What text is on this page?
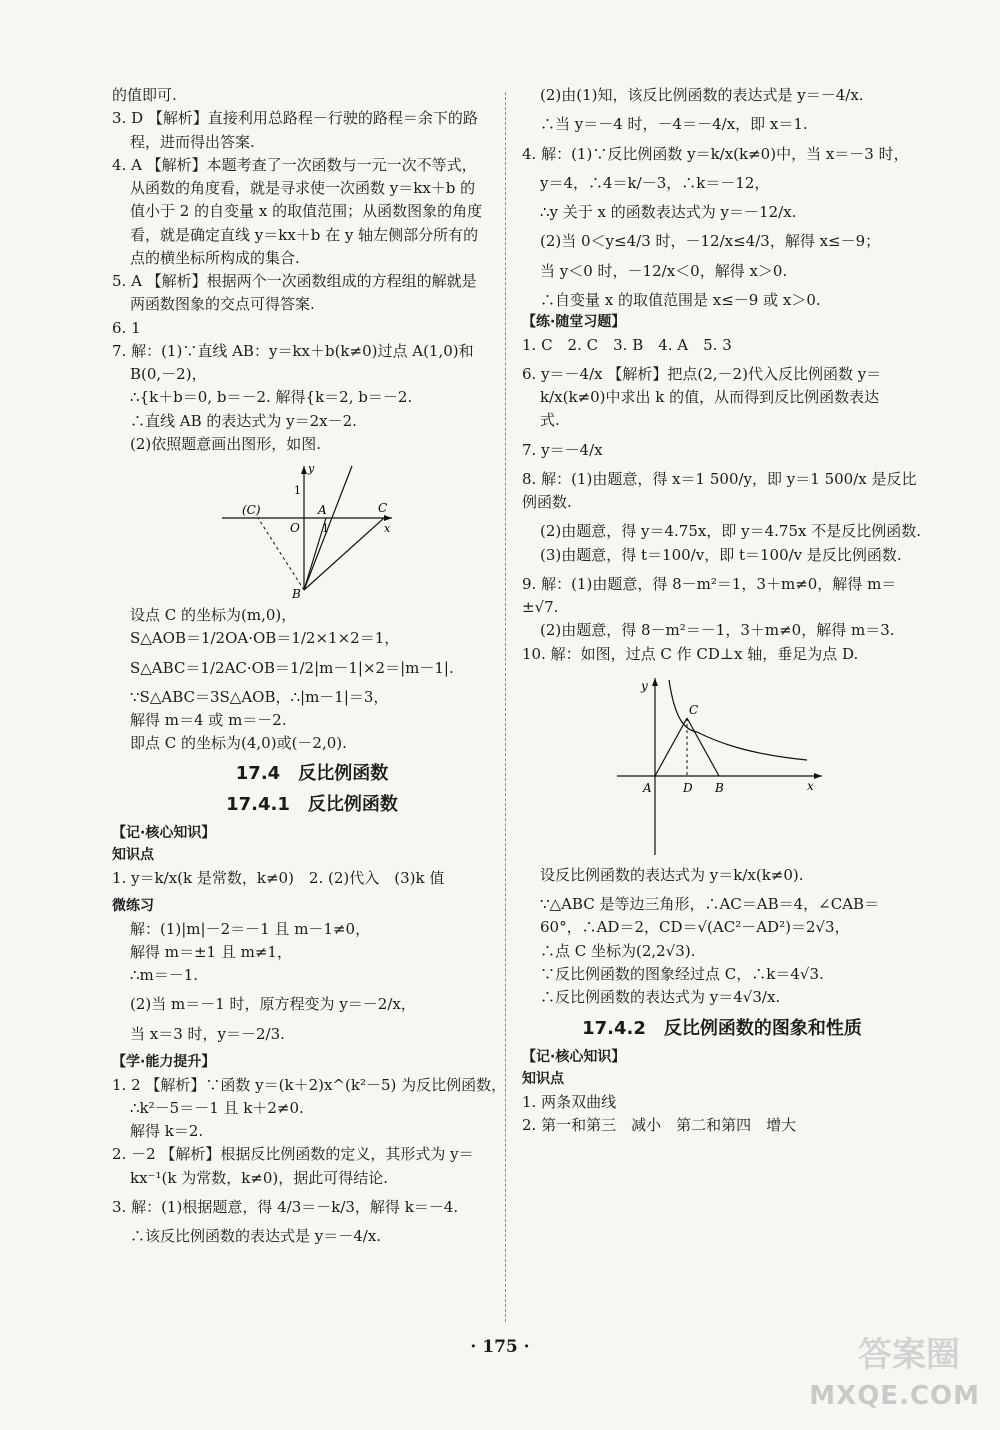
的值即可.

3. D 【解析】直接利用总路程－行驶的路程＝余下的路

程，进而得出答案.

4. A 【解析】本题考查了一次函数与一元一次不等式，

从函数的角度看，就是寻求使一次函数 y＝kx＋b 的

值小于 2 的自变量 x 的取值范围；从函数图象的角度

看，就是确定直线 y＝kx＋b 在 y 轴左侧部分所有的

点的横坐标所构成的集合.

5. A 【解析】根据两个一次函数组成的方程组的解就是

两函数图象的交点可得答案.

6. 1

7. 解：(1)∵直线 AB：y＝kx＋b(k≠0)过点 A(1,0)和

B(0,－2)，

∴{k＋b＝0, b＝－2. 解得{k＝2, b＝－2.

∴直线 AB 的表达式为 y＝2x－2.

(2)依照题意画出图形，如图.

y
1
(C)	A	C
O 1	x
B

设点 C 的坐标为(m,0)，

S△AOB＝1/2OA·OB＝1/2×1×2＝1，

S△ABC＝1/2AC·OB＝1/2|m－1|×2＝|m－1|.

∵S△ABC＝3S△AOB，∴|m－1|＝3，

解得 m＝4 或 m＝－2.

即点 C 的坐标为(4,0)或(－2,0).

17.4　反比例函数
17.4.1　反比例函数

【记·核心知识】

知识点

1. y＝k/x(k 是常数，k≠0)　2. (2)代入　(3)k 值

微练习

解：(1)|m|－2＝－1 且 m－1≠0，

解得 m＝±1 且 m≠1，

∴m＝－1.

(2)当 m＝－1 时，原方程变为 y＝－2/x，

当 x＝3 时，y＝－2/3.

【学·能力提升】

1. 2 【解析】∵函数 y＝(k＋2)x^(k²－5) 为反比例函数，

∴k²－5＝－1 且 k＋2≠0.

解得 k＝2.

2. －2 【解析】根据反比例函数的定义，其形式为 y＝

kx⁻¹(k 为常数，k≠0)，据此可得结论.

3. 解：(1)根据题意，得 4/3＝－k/3，解得 k＝－4.

∴该反比例函数的表达式是 y＝－4/x.

(2)由(1)知，该反比例函数的表达式是 y＝－4/x.

∴当 y＝－4 时，－4＝－4/x，即 x＝1.

4. 解：(1)∵反比例函数 y＝k/x(k≠0)中，当 x＝－3 时，

y＝4，∴4＝k/－3，∴k＝－12，

∴y 关于 x 的函数表达式为 y＝－12/x.

(2)当 0＜y≤4/3 时，－12/x≤4/3，解得 x≤－9；

当 y＜0 时，－12/x＜0，解得 x＞0.

∴自变量 x 的取值范围是 x≤－9 或 x＞0.

【练·随堂习题】

1. C　2. C　3. B　4. A　5. 3

6. y＝－4/x 【解析】把点(2,－2)代入反比例函数 y＝

k/x(k≠0)中求出 k 的值，从而得到反比例函数表达

式.

7. y＝－4/x

8. 解：(1)由题意，得 x＝1 500/y，即 y＝1 500/x 是反比例函数.

(2)由题意，得 y＝4.75x，即 y＝4.75x 不是反比例函数.

(3)由题意，得 t＝100/v，即 t＝100/v 是反比例函数.

9. 解：(1)由题意，得 8－m²＝1，3＋m≠0，解得 m＝±√7.

(2)由题意，得 8－m²＝－1，3＋m≠0，解得 m＝3.

10. 解：如图，过点 C 作 CD⊥x 轴，垂足为点 D.

y
C
A	D B	x

设反比例函数的表达式为 y＝k/x(k≠0).

∵△ABC 是等边三角形，∴AC＝AB＝4，∠CAB＝

60°，∴AD＝2，CD＝√(AC²－AD²)＝2√3，

∴点 C 坐标为(2,2√3).

∵反比例函数的图象经过点 C，∴k＝4√3.

∴反比例函数的表达式为 y＝4√3/x.

17.4.2　反比例函数的图象和性质

【记·核心知识】

知识点

1. 两条双曲线

2. 第一和第三　减小　第二和第四　增大

· 175 ·	答案圈
MXQE.COM
